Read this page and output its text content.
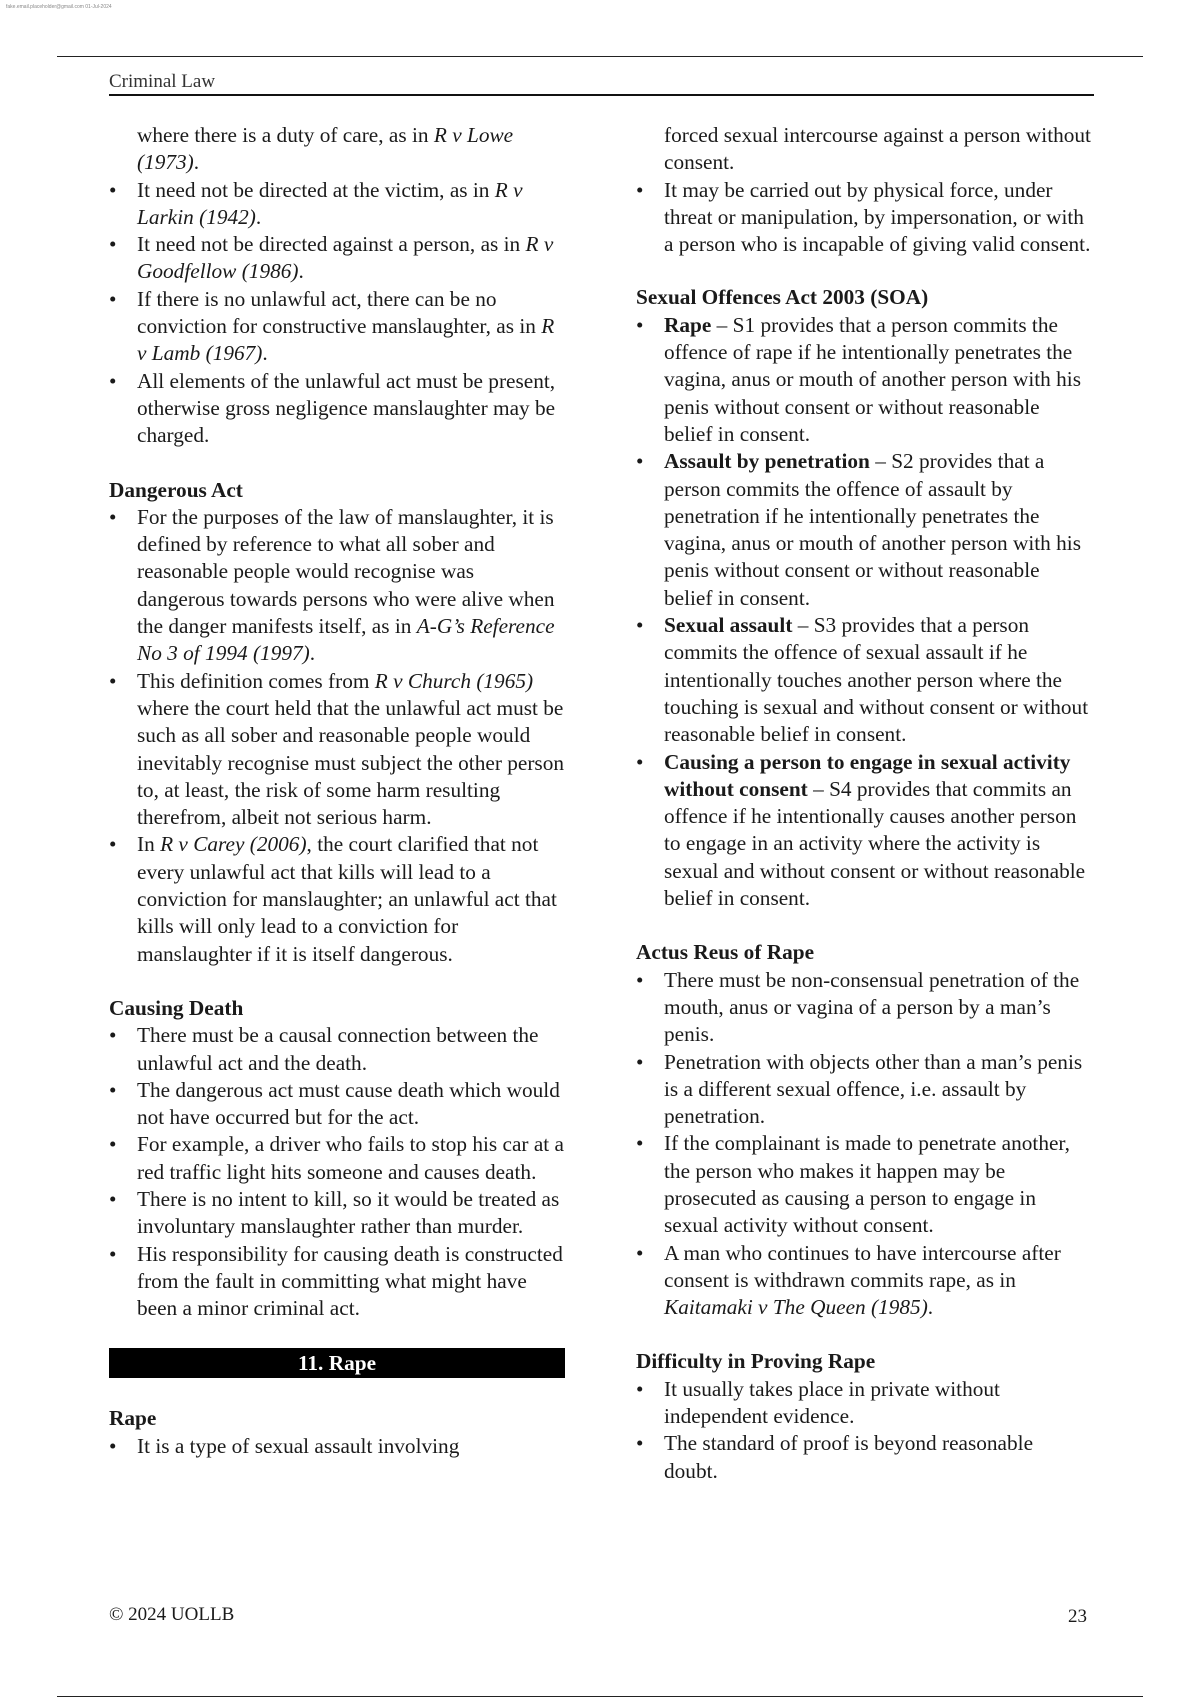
fake.email.placeholder@gmail.com 01-Jul-2024
Criminal Law

where there is a duty of care, as in R v Lowe (1973).

• It need not be directed at the victim, as in R v Larkin (1942).
• It need not be directed against a person, as in R v Goodfellow (1986).
• If there is no unlawful act, there can be no conviction for constructive manslaughter, as in R v Lamb (1967).
• All elements of the unlawful act must be present, otherwise gross negligence manslaughter may be charged.
Dangerous Act
• For the purposes of the law of manslaughter, it is defined by reference to what all sober and reasonable people would recognise was dangerous towards persons who were alive when the danger manifests itself, as in A-G’s Reference No 3 of 1994 (1997).
• This definition comes from R v Church (1965) where the court held that the unlawful act must be such as all sober and reasonable people would inevitably recognise must subject the other person to, at least, the risk of some harm resulting therefrom, albeit not serious harm.
• In R v Carey (2006), the court clarified that not every unlawful act that kills will lead to a conviction for manslaughter; an unlawful act that kills will only lead to a conviction for manslaughter if it is itself dangerous.
Causing Death
• There must be a causal connection between the unlawful act and the death.
• The dangerous act must cause death which would not have occurred but for the act.
• For example, a driver who fails to stop his car at a red traffic light hits someone and causes death.
• There is no intent to kill, so it would be treated as involuntary manslaughter rather than murder.
• His responsibility for causing death is constructed from the fault in committing what might have been a minor criminal act.
11. Rape
Rape
• It is a type of sexual assault involving

forced sexual intercourse against a person without consent.

• It may be carried out by physical force, under threat or manipulation, by impersonation, or with a person who is incapable of giving valid consent.
Sexual Offences Act 2003 (SOA)
• Rape – S1 provides that a person commits the offence of rape if he intentionally penetrates the vagina, anus or mouth of another person with his penis without consent or without reasonable belief in consent.
• Assault by penetration – S2 provides that a person commits the offence of assault by penetration if he intentionally penetrates the vagina, anus or mouth of another person with his penis without consent or without reasonable belief in consent.
• Sexual assault – S3 provides that a person commits the offence of sexual assault if he intentionally touches another person where the touching is sexual and without consent or without reasonable belief in consent.
• Causing a person to engage in sexual activity without consent – S4 provides that commits an offence if he intentionally causes another person to engage in an activity where the activity is sexual and without consent or without reasonable belief in consent.
Actus Reus of Rape
• There must be non-consensual penetration of the mouth, anus or vagina of a person by a man’s penis.
• Penetration with objects other than a man’s penis is a different sexual offence, i.e. assault by penetration.
• If the complainant is made to penetrate another, the person who makes it happen may be prosecuted as causing a person to engage in sexual activity without consent.
• A man who continues to have intercourse after consent is withdrawn commits rape, as in Kaitamaki v The Queen (1985).
Difficulty in Proving Rape
• It usually takes place in private without independent evidence.
• The standard of proof is beyond reasonable doubt.
© 2024 UOLLB	23
